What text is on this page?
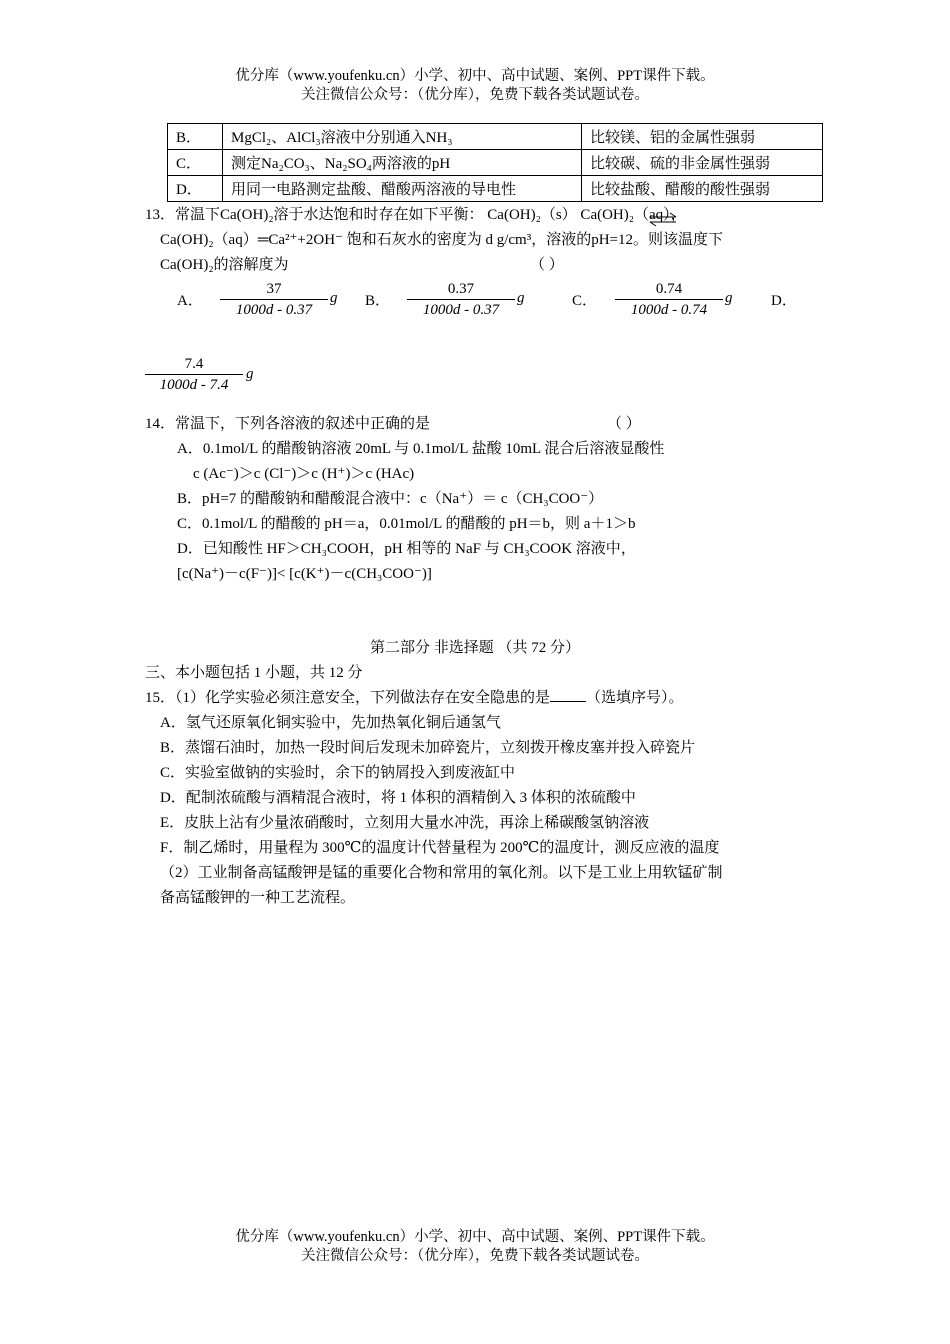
优分库（www.youfenku.cn）小学、初中、高中试题、案例、PPT课件下载。
关注微信公众号：（优分库），免费下载各类试题试卷。
B．	MgCl₂、AlCl₃溶液中分别通入NH₃	比较镁、铝的金属性强弱
C．	测定Na₂CO₃、Na₂SO₄两溶液的pH	比较碳、硫的非金属性强弱
D．	用同一电路测定盐酸、醋酸两溶液的导电性	比较盐酸、醋酸的酸性强弱
13．常温下Ca(OH)₂溶于水达饱和时存在如下平衡： Ca(OH)₂（s） Ca(OH)₂（aq），
Ca(OH)₂（aq）═Ca²⁺+2OH⁻ 饱和石灰水的密度为 d g/cm³，溶液的pH=12。则该温度下
Ca(OH)₂的溶解度为	（ ）
A．
37
1000d - 0.37
g B．
0.37
1000d - 0.37
g	C．
0.74
1000d - 0.74
g	D．
7.4
1000d - 7.4
g
14．常温下，下列各溶液的叙述中正确的是	（ ）
A．0.1mol/L 的醋酸钠溶液 20mL 与 0.1mol/L 盐酸 10mL 混合后溶液显酸性
c (Ac⁻)＞c (Cl⁻)＞c (H⁺)＞c (HAc)
B．pH=7 的醋酸钠和醋酸混合液中：c（Na⁺）＝ c（CH₃COO⁻）
C．0.1mol/L 的醋酸的 pH＝a，0.01mol/L 的醋酸的 pH＝b，则 a＋1＞b
D．已知酸性 HF＞CH₃COOH，pH 相等的 NaF 与 CH₃COOK 溶液中，
[c(Na⁺)－c(F⁻)]< [c(K⁺)－c(CH₃COO⁻)]
第二部分 非选择题 （共 72 分）
三、本小题包括 1 小题，共 12 分
15．（1）化学实验必须注意安全，下列做法存在安全隐患的是 （选填序号）。
A．氢气还原氧化铜实验中，先加热氧化铜后通氢气
B．蒸馏石油时，加热一段时间后发现未加碎瓷片，立刻拨开橡皮塞并投入碎瓷片
C．实验室做钠的实验时，余下的钠屑投入到废液缸中
D．配制浓硫酸与酒精混合液时，将 1 体积的酒精倒入 3 体积的浓硫酸中
E．皮肤上沾有少量浓硝酸时，立刻用大量水冲洗，再涂上稀碳酸氢钠溶液
F．制乙烯时，用量程为 300℃的温度计代替量程为 200℃的温度计，测反应液的温度
（2）工业制备高锰酸钾是锰的重要化合物和常用的氧化剂。以下是工业上用软锰矿制
备高锰酸钾的一种工艺流程。
优分库（www.youfenku.cn）小学、初中、高中试题、案例、PPT课件下载。
关注微信公众号：（优分库），免费下载各类试题试卷。
